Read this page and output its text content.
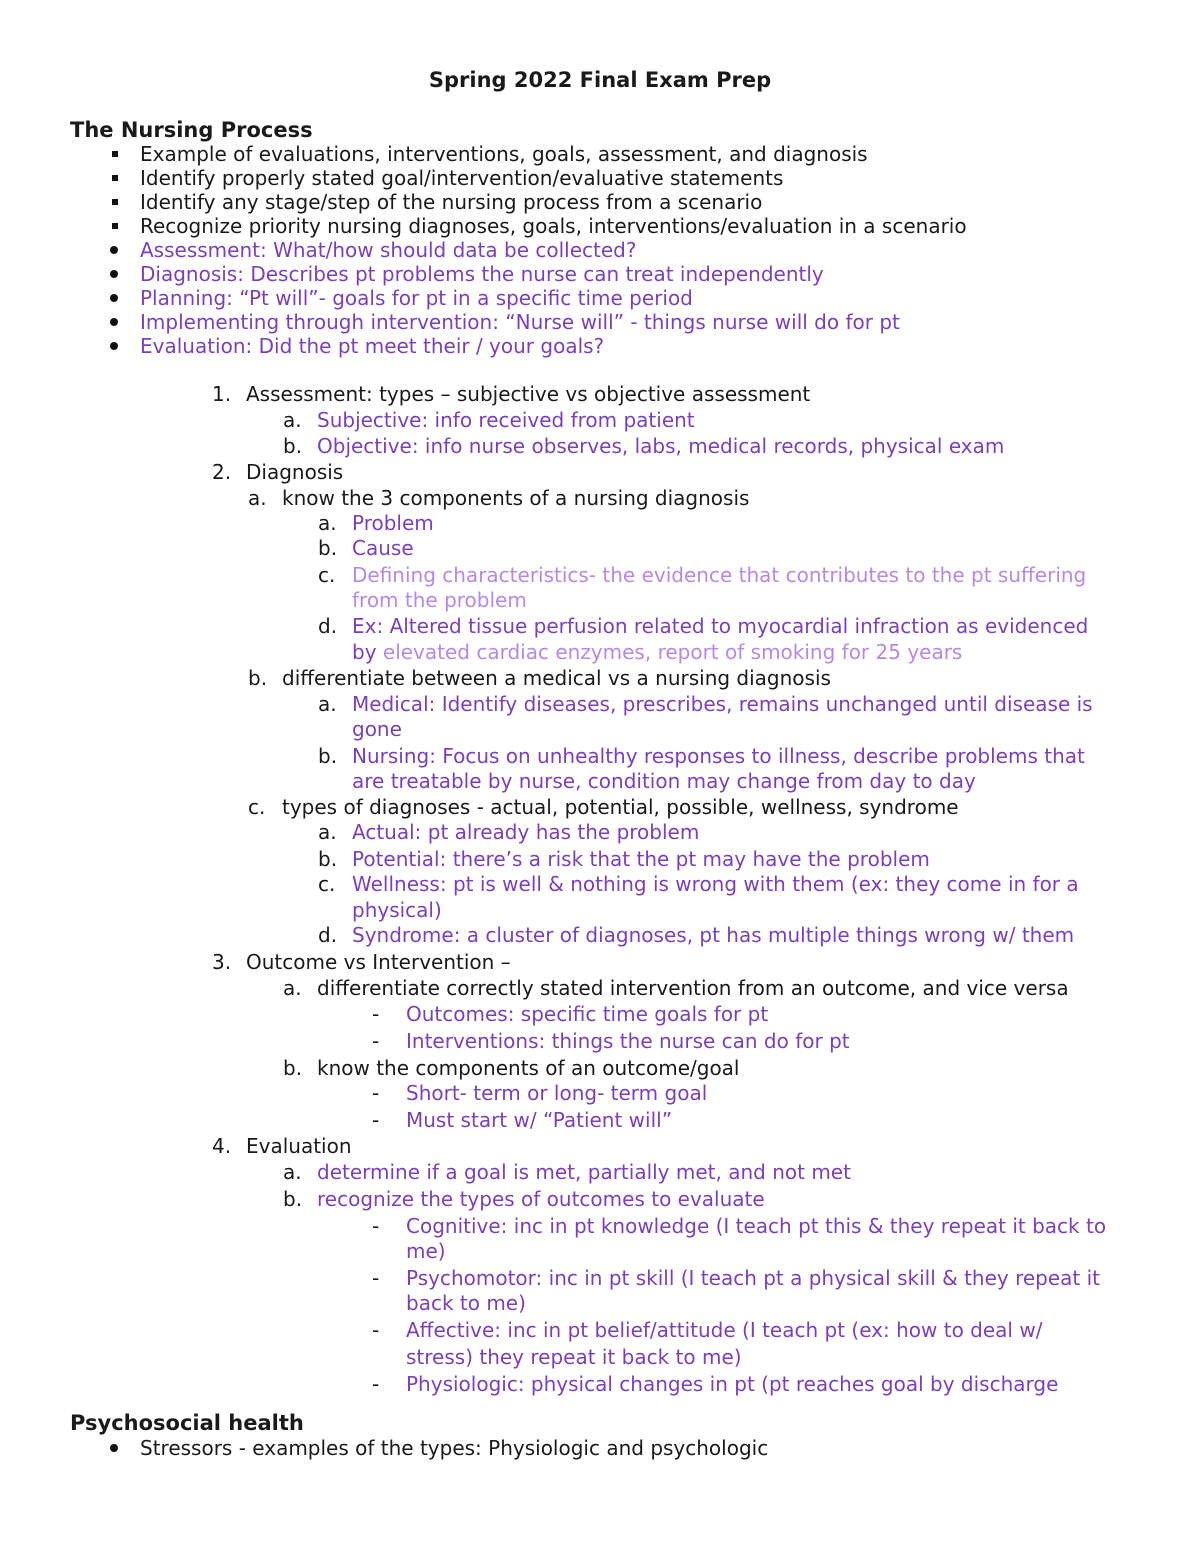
Spring 2022 Final Exam Prep
The Nursing Process
Example of evaluations, interventions, goals, assessment, and diagnosis
Identify properly stated goal/intervention/evaluative statements
Identify any stage/step of the nursing process from a scenario
Recognize priority nursing diagnoses, goals, interventions/evaluation in a scenario
Assessment: What/how should data be collected?
Diagnosis: Describes pt problems the nurse can treat independently
Planning: “Pt will”- goals for pt in a specific time period
Implementing through intervention: “Nurse will” - things nurse will do for pt
Evaluation: Did the pt meet their / your goals?
1. Assessment: types – subjective vs objective assessment
a. Subjective: info received from patient
b. Objective: info nurse observes, labs, medical records, physical exam
2. Diagnosis
a. know the 3 components of a nursing diagnosis
a. Problem
b. Cause
c. Defining characteristics- the evidence that contributes to the pt suffering
from the problem
d. Ex: Altered tissue perfusion related to myocardial infraction as evidenced
by elevated cardiac enzymes, report of smoking for 25 years
b. differentiate between a medical vs a nursing diagnosis
a. Medical: Identify diseases, prescribes, remains unchanged until disease is
gone
b. Nursing: Focus on unhealthy responses to illness, describe problems that
are treatable by nurse, condition may change from day to day
c. types of diagnoses - actual, potential, possible, wellness, syndrome
a. Actual: pt already has the problem
b. Potential: there’s a risk that the pt may have the problem
c. Wellness: pt is well & nothing is wrong with them (ex: they come in for a
physical)
d. Syndrome: a cluster of diagnoses, pt has multiple things wrong w/ them
3. Outcome vs Intervention –
a. differentiate correctly stated intervention from an outcome, and vice versa
- Outcomes: specific time goals for pt
- Interventions: things the nurse can do for pt
b. know the components of an outcome/goal
- Short- term or long- term goal
- Must start w/ “Patient will”
4. Evaluation
a. determine if a goal is met, partially met, and not met
b. recognize the types of outcomes to evaluate
- Cognitive: inc in pt knowledge (I teach pt this & they repeat it back to
me)
- Psychomotor: inc in pt skill (I teach pt a physical skill & they repeat it
back to me)
- Affective: inc in pt belief/attitude (I teach pt (ex: how to deal w/
stress) they repeat it back to me)
- Physiologic: physical changes in pt (pt reaches goal by discharge
Psychosocial health
Stressors - examples of the types: Physiologic and psychologic
